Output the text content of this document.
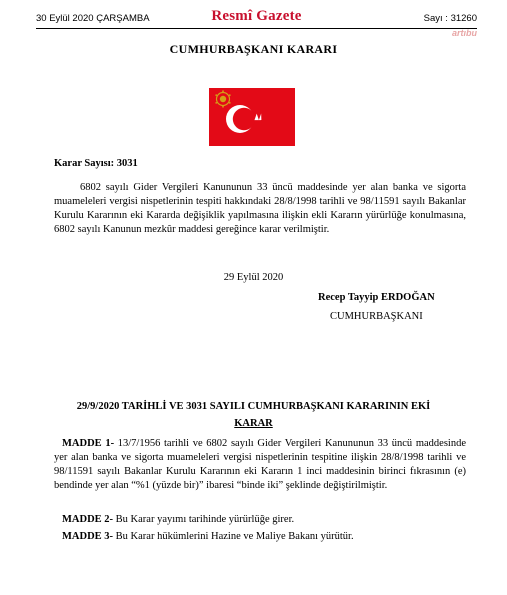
30 Eylül 2020 ÇARŞAMBA	Resmî Gazete	Sayı : 31260
artıbu
CUMHURBAŞKANI KARARI
Karar Sayısı: 3031

6802 sayılı Gider Vergileri Kanununun 33 üncü maddesinde yer alan banka ve sigorta muameleleri vergisi nispetlerinin tespiti hakkındaki 28/8/1998 tarihli ve 98/11591 sayılı Bakanlar Kurulu Kararının eki Kararda değişiklik yapılmasına ilişkin ekli Kararın yürürlüğe konulmasına, 6802 sayılı Kanunun mezkûr maddesi gereğince karar verilmiştir.

29 Eylül 2020
Recep Tayyip ERDOĞAN
CUMHURBAŞKANI
29/9/2020 TARİHLİ VE 3031 SAYILI CUMHURBAŞKANI KARARININ EKİ
KARAR

MADDE 1- 13/7/1956 tarihli ve 6802 sayılı Gider Vergileri Kanununun 33 üncü maddesinde yer alan banka ve sigorta muameleleri vergisi nispetlerinin tespitine ilişkin 28/8/1998 tarihli ve 98/11591 sayılı Bakanlar Kurulu Kararının eki Kararın 1 inci maddesinin birinci fıkrasının (e) bendinde yer alan “%1 (yüzde bir)” ibaresi “binde iki” şeklinde değiştirilmiştir.

MADDE 2- Bu Karar yayımı tarihinde yürürlüğe girer.

MADDE 3- Bu Karar hükümlerini Hazine ve Maliye Bakanı yürütür.
